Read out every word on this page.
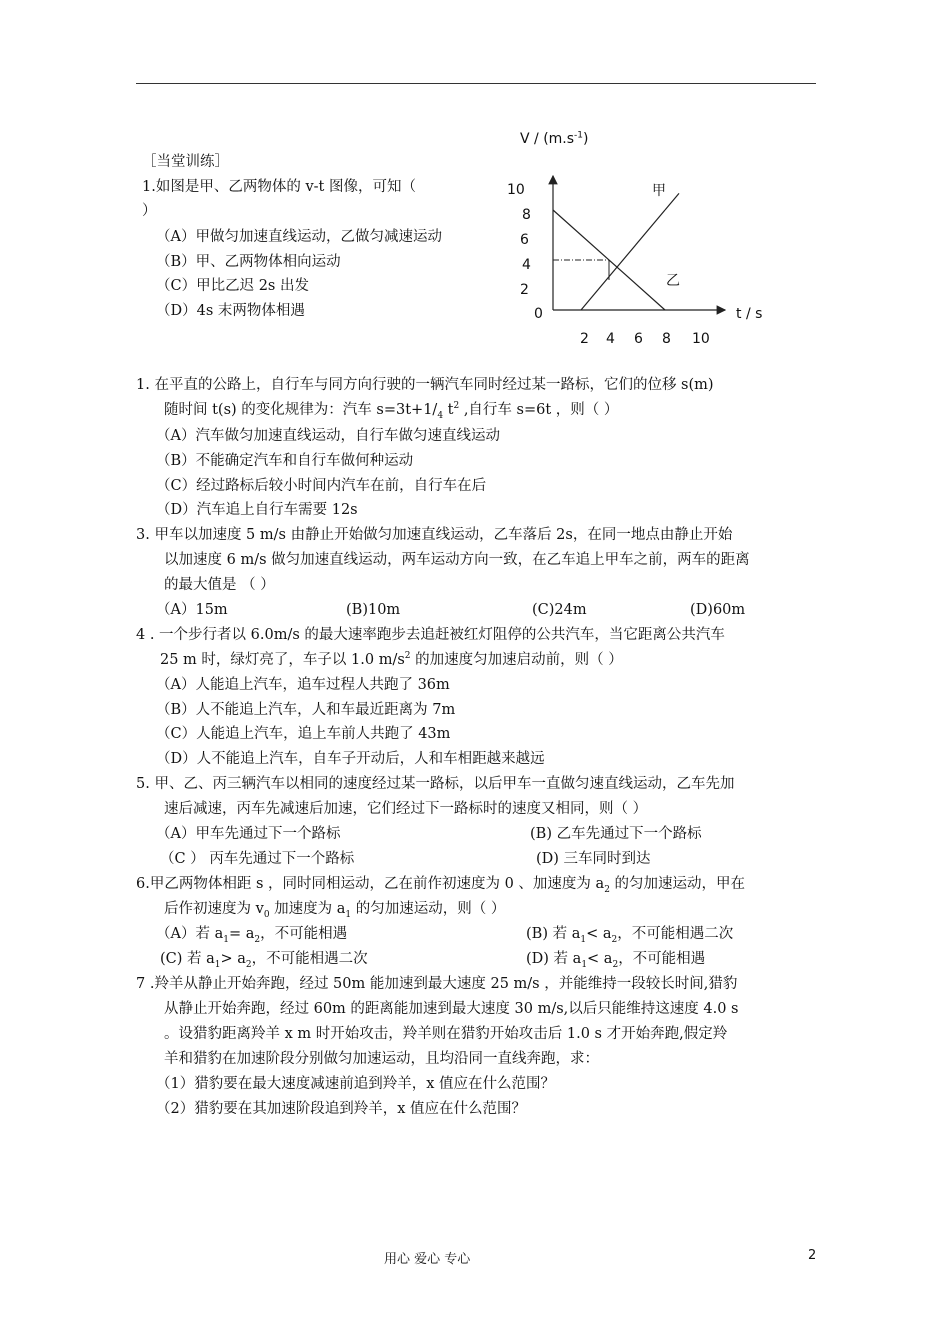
［当堂训练］
1.如图是甲、乙两物体的 v-t 图像，可知（
）
（A）甲做匀加速直线运动，乙做匀减速运动
（B）甲、乙两物体相向运动
（C）甲比乙迟 2s 出发
（D）4s 末两物体相遇
V / $(m.s^{-1})$
10
8
6
4
2
0	t / s
2 4 6 8 10
甲
乙
1. 在平直的公路上，自行车与同方向行驶的一辆汽车同时经过某一路标，它们的位移 s(m)
随时间 t(s) 的变化规律为：汽车 $s=3t+1/_4$ $t^2$ ,自行车 s=6t ，则（ ）
（A）汽车做匀加速直线运动，自行车做匀速直线运动
（B）不能确定汽车和自行车做何种运动
（C）经过路标后较小时间内汽车在前，自行车在后
（D）汽车追上自行车需要 12s
3. 甲车以加速度 5 m/s 由静止开始做匀加速直线运动，乙车落后 2s，在同一地点由静止开始
以加速度 6 m/s 做匀加速直线运动，两车运动方向一致，在乙车追上甲车之前，两车的距离
的最大值是 （ ）
（A）15m	(B)10m	(C)24m	(D)60m
4 . 一个步行者以 6.0m/s 的最大速率跑步去追赶被红灯阻停的公共汽车，当它距离公共汽车
25 m 时，绿灯亮了，车子以 1.0 $m/s^2$ 的加速度匀加速启动前，则（ ）
（A）人能追上汽车，追车过程人共跑了 36m
（B）人不能追上汽车，人和车最近距离为 7m
（C）人能追上汽车，追上车前人共跑了 43m
（D）人不能追上汽车，自车子开动后，人和车相距越来越远
5. 甲、乙、丙三辆汽车以相同的速度经过某一路标，以后甲车一直做匀速直线运动，乙车先加
速后减速，丙车先减速后加速，它们经过下一路标时的速度又相同，则（ ）
（A）甲车先通过下一个路标	(B) 乙车先通过下一个路标
（C ） 丙车先通过下一个路标	(D) 三车同时到达
6.甲乙两物体相距 s ，同时同相运动，乙在前作初速度为 0 、加速度为 $a_2$ 的匀加速运动，甲在
后作初速度为 $v_0$ 加速度为 $a_1$ 的匀加速运动，则（ ）
（A）若 $a_1= a_2$，不可能相遇	(B) 若 $a_1< a_2$，不可能相遇二次
(C) 若 $a_1> a_2$，不可能相遇二次	(D) 若 $a_1< a_2$，不可能相遇
7 .羚羊从静止开始奔跑，经过 50m 能加速到最大速度 25 m/s ，并能维持一段较长时间,猎豹
从静止开始奔跑，经过 60m 的距离能加速到最大速度 30 m/s,以后只能维持这速度 4.0 s
。设猎豹距离羚羊 x m 时开始攻击，羚羊则在猎豹开始攻击后 1.0 s 才开始奔跑,假定羚
羊和猎豹在加速阶段分别做匀加速运动，且均沿同一直线奔跑，求：
（1）猎豹要在最大速度减速前追到羚羊，x 值应在什么范围？
（2）猎豹要在其加速阶段追到羚羊，x 值应在什么范围？
用心 爱心 专心	2
